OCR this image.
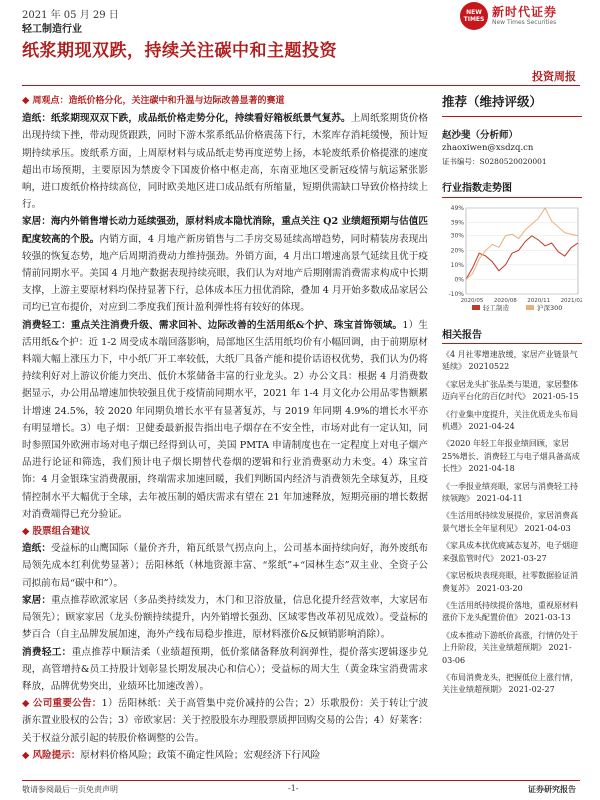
2021 年 05 月 29 日
轻工制造行业
NEW TIMES
新时代证券
New Times Securities
纸浆期现双跌，持续关注碳中和主题投资
投资周报

◆ 周观点：造纸价格分化，关注碳中和升温与边际改善显著的赛道

造纸：纸浆期现双双下跌，成品纸价格走势分化，持续看好箱板纸景气复苏。上周纸浆期货价格出现持续下挫，带动现货跟跌，同时下游木浆系纸品价格震荡下行，木浆库存消耗缓慢，预计短期持续承压。废纸系方面，上周原材料与成品纸走势再度逆势上扬，本轮废纸系价格提涨的速度超出市场预期，主要原因为禁废令下国废价格中枢走高，东南亚地区受新冠疫情与航运紧张影响，进口废纸价格持续高位，同时欧美地区进口成品纸有所缩量，短期供需缺口导致价格持续上行。

家居：海内外销售增长动力延续强劲，原材料成本隐忧消除，重点关注 Q2 业绩超预期与估值匹配度较高的个股。内销方面，4 月地产新房销售与二手房交易延续高增趋势，同时精装房表现出较强的恢复态势，地产后周期消费动力维持强劲。外销方面，4 月出口增速高景气延续且优于疫情前同期水平。美国 4 月地产数据表现持续亮眼，我们认为对地产后期刚需消费需求构成中长期支撑，上游主要原材料均保持显著下行，总体成本压力扭优消除，叠加 4 月开始多数成品家居公司均已宣布提价，对应到二季度我们预计盈利弹性将有较好的体现。

消费轻工：重点关注消费升级、需求回补、边际改善的生活用纸&个护、珠宝首饰领域。1）生活用纸&个护：近 1-2 周受成本端回落影响，局部地区生活用纸均价有小幅回调，由于前期原材料端大幅上涨压力下，中小纸厂开工率较低，大纸厂具备产能和提价话语权优势，我们认为仍将持续利好对上游议价能力突出、低价木浆储备丰富的行业龙头。2）办公文具：根据 4 月消费数据显示，办公用品增速加快较强且优于疫情前同期水平，2021 年 1-4 月文化办公用品零售额累计增速 24.5%，较 2020 年同期负增长水平有显著复苏，与 2019 年同期 4.9%的增长水平亦有明显增长。3）电子烟：卫健委最新报告指出电子烟存在不安全性，市场对此有一定认知，同时参照国外欧洲市场对电子烟已经得到认可，美国 PMTA 申请制度也在一定程度上对电子烟产品进行论证和筛选，我们预计电子烟长期替代卷烟的逻辑和行业消费驱动力未变。4）珠宝首饰：4 月金银珠宝消费靓丽，终端需求加速回暖，我们判断国内经济与消费领先全球复苏，且疫情控制水平大幅优于全球，去年被压制的婚庆需求有望在 21 年加速释放，短期亮丽的增长数据对消费端得已充分验证。

◆ 股票组合建议

造纸：受益标的山鹰国际（量价齐升，箱瓦纸景气拐点向上，公司基本面持续向好，海外废纸布局领先成本红利优势显著）；岳阳林纸（林地资源丰富、“浆纸”+“园林生态”双主业、全资子公司拟前布局“碳中和”）。

家居：重点推荐欧派家居（多品类持续发力，木门和卫浴放量，信息化提升经营效率，大家居布局领先）；顾家家居（龙头份额持续提升，内外销增长强劲、区域零售改革初见成效）。受益标的梦百合（自主品牌发展加速，海外产线布局稳步推进，原材料涨价&反倾销影响消除）。

消费轻工：重点推荐中顺洁柔（业绩超预期，低价浆储备释放利润弹性，提价落实逻辑逐步兑现，高管增持&员工持股计划彰显长期发展决心和信心）；受益标的周大生（黄金珠宝消费需求释放，品牌优势突出，业绩环比加速改善）。

◆ 公司重要公告：1）岳阳林纸：关于高管集中竞价减持的公告；2）乐歌股份：关于转让宁波浙东置业股权的公告；3）帝欧家居：关于控股股东办理股票质押回购交易的公告；4）好莱客：关于权益分派引起的转股价格调整的公告。

◆ 风险提示：原材料价格风险；政策不确定性风险；宏观经济下行风险

推荐（维持评级）
赵沙斐（分析师）
zhaoxiwen@xsdzq.cn
证书编号：S0280520020001
行业指数走势图
49%
39%
30%
20%
10%
0%
-10%
2020/05 2020/08 2020/11 2021/02
轻工制造	沪深300
相关报告
《4 月社零增速放缓，家居产业链景气延续》 20210522
《家居龙头扩张品类与渠道，家居整体迈向平台化的百亿时代》 2021-05-15
《行业集中度提升，关注优质龙头布局机遇》 2021-04-24
《2020 年轻工年报业绩回顾，家居 25%增长、消费轻工与电子烟具备高成长性》 2021-04-18
《一季报业绩亮眼，家居与消费轻工持续领跑》 2021-04-11
《生活用纸持续发展提价，家居消费高景气增长全年显利见》 2021-04-03
《家具成本扰优疲减态复苏，电子烟迎来强监管时代》 2021-03-27
《家居板块表现亮眼，社零数据验证消费复苏》 2021-03-20
《生活用纸持续提价落地，重视原材料涨价下龙头配置价值》 2021-03-13
《成本推动下游纸价高涨，行情仍处于上升阶段，关注业绩超预期》 2021-03-06
《布局消费龙头，把握低位上涨行情，关注业绩超预期》 2021-02-27
敬请参阅最后一页免责声明	-1-	证券研究报告
